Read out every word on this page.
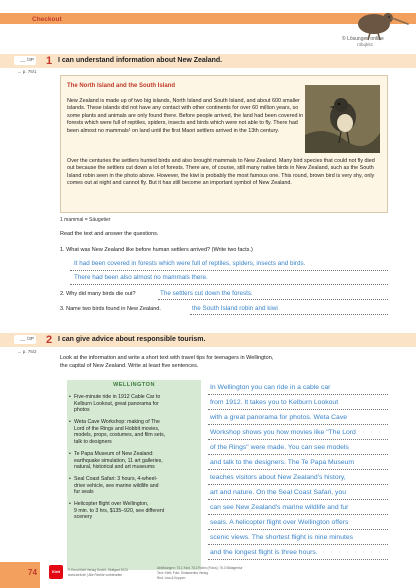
Checkout
© Lösungen online
r3bqk6z
__ /3P 1 I can understand information about New Zealand.
→ p. 76/1
The North Island and the South Island

New Zealand is made up of two big islands, North Island and South Island, and about 600 smaller islands. These islands did not have any contact with other continents for over 60 million years, so some plants and animals are only found there. Before people arrived, the land had been covered in forests which were full of reptiles, spiders, insects and birds which were not able to fly. There had been almost no mammals¹ on land until the first Maori settlers arrived in the 13th century.

Over the centuries the settlers hunted birds and also brought mammals to New Zealand. Many bird species that could not fly died out because the settlers cut down a lot of forests. There are, of course, still many native birds in New Zealand, such as the South Island robin seen in the photo above. However, the kiwi is probably the most famous one. This round, brown bird is very shy, only comes out at night and cannot fly. But it has still become an important symbol of New Zealand.

1 mammal = Säugetier
Read the text and answer the questions.
1. What was New Zealand like before human settlers arrived? (Write two facts.)
It had been covered in forests which were full of reptiles, spiders, insects and birds.
There had been also almost no mammals there.
2. Why did many birds die out?	The settlers cut down the forests.
3. Name two birds found in New Zealand.	the South Island robin and kiwi
__ /3P 2 I can give advice about responsible tourism.
→ p. 76/2
Look at the information and write a short text with travel tips for teenagers in Wellington,
the capital of New Zealand. Write at least five sentences.
WELLINGTON
• Five-minute ride in 1912 Cable Car to
Kelburn Lookout, great panorama for
photos
• Weta Cave Workshop: making of The
Lord of the Rings and Hobbit movies,
models, props, costumes, and film sets,
talk to designers
• Te Papa Museum of New Zealand:
earthquake simulation, 11 art galleries,
natural, historical and art museums
• Seal Coast Safari: 3 hours, 4-wheel-
drive vehicle, see marine wildlife and
fur seals
• Helicopter flight over Wellington,
9 min. to 3 hrs, $135–920, see different
scenery
In Wellington you can ride in a cable car
from 1912. It takes you to Kelburn Lookout
with a great panorama for photos. Weta Cave
Workshop shows you how movies like "The Lord
of the Rings" were made. You can see models
and talk to the designers. The Te Papa Museum
teaches visitors about New Zealand's history,
art and nature. On the Seal Coast Safari, you
can see New Zealand's marine wildlife and fur
seals. A helicopter flight over Wellington offers
scenic views. The shortest flight is nine minutes
and the longest flight is three hours.
74	Klett	© Ernst Klett Verlag GmbH, Stuttgart 2023
www.klett.de | Alle Rechte vorbehalten
Abbildungen: 75.1 Kiwi; 75.2 Robin (Fotos); 75.3 Bildagentur
Text: Klett; Foto: Südamerika Verlag
Red. Lisa & Kuppen
